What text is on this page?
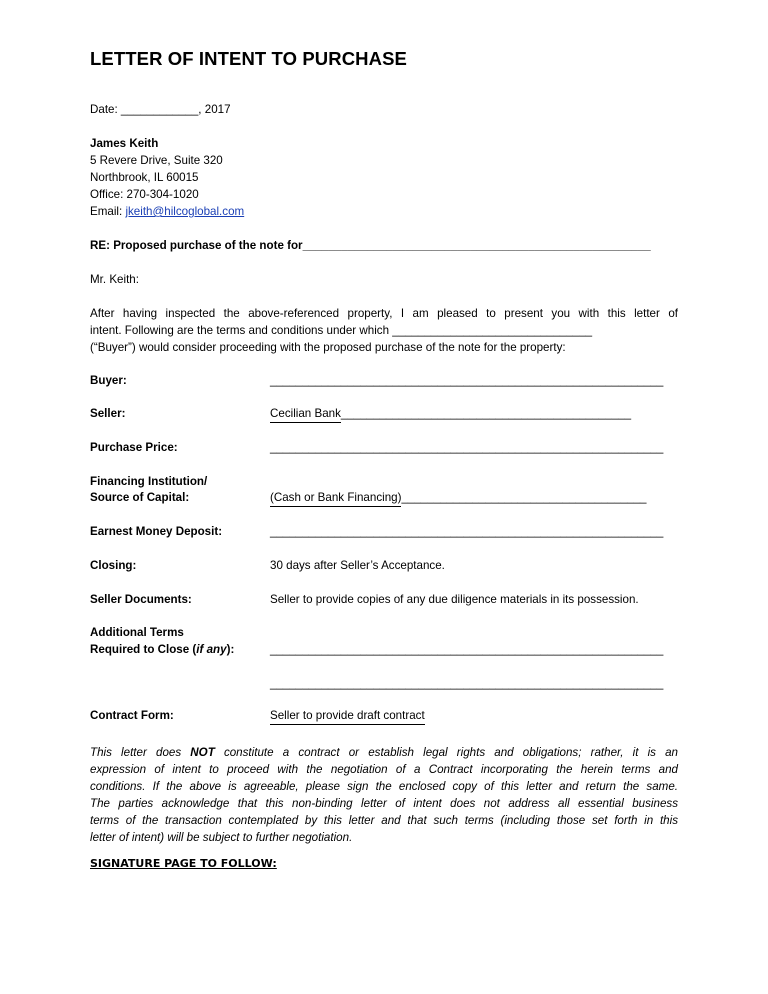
LETTER OF INTENT TO PURCHASE
Date: ____________, 2017
James Keith
5 Revere Drive, Suite 320
Northbrook, IL 60015
Office: 270-304-1020
Email: jkeith@hilcoglobal.com
RE: Proposed purchase of the note for______________________________________________________
Mr. Keith:
After having inspected the above-referenced property, I am pleased to present you with this letter of
intent. Following are the terms and conditions under which _______________________________
(“Buyer”) would consider proceeding with the proposed purchase of the note for the property:
Buyer:	_____________________________________________________________
Seller:	Cecilian Bank_____________________________________________
Purchase Price:	_____________________________________________________________
Financing Institution/
Source of Capital:	(Cash or Bank Financing)______________________________________
Earnest Money Deposit:	_____________________________________________________________
Closing:	30 days after Seller’s Acceptance.
Seller Documents:	Seller to provide copies of any due diligence materials in its possession.
Additional Terms
Required to Close (if any):	_____________________________________________________________
_____________________________________________________________
Contract Form:	Seller to provide draft contract
This letter does NOT constitute a contract or establish legal rights and obligations; rather, it is an
expression of intent to proceed with the negotiation of a Contract incorporating the herein terms and
conditions. If the above is agreeable, please sign the enclosed copy of this letter and return the same.
The parties acknowledge that this non-binding letter of intent does not address all essential business
terms of the transaction contemplated by this letter and that such terms (including those set forth in this
letter of intent) will be subject to further negotiation.
SIGNATURE PAGE TO FOLLOW:
